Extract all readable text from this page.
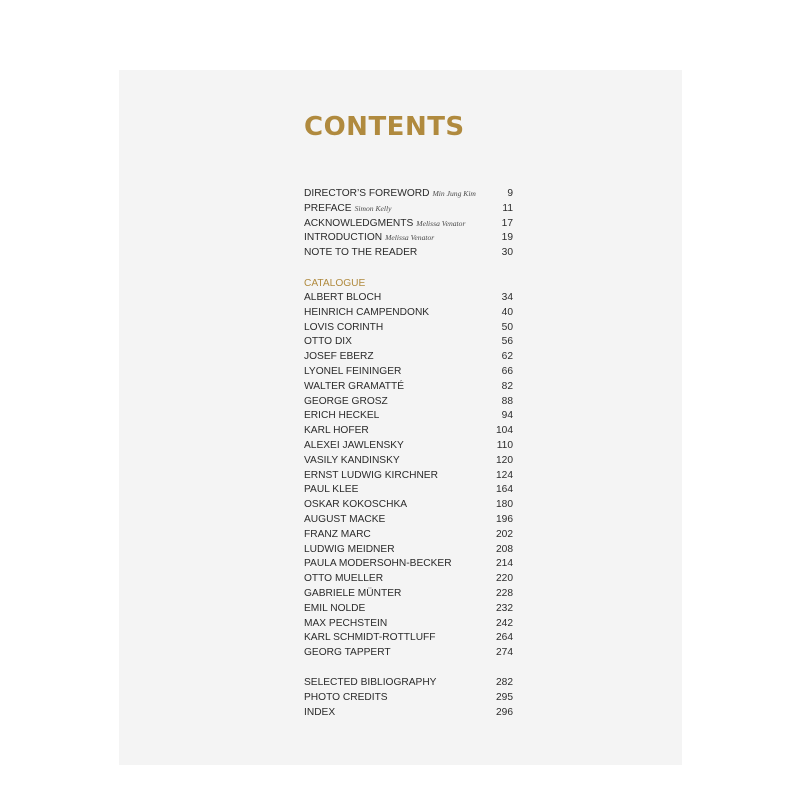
CONTENTS
DIRECTOR’S FOREWORD Min Jung Kim	9
PREFACE Simon Kelly	11
ACKNOWLEDGMENTS Melissa Venator	17
INTRODUCTION Melissa Venator	19
NOTE TO THE READER	30
CATALOGUE
ALBERT BLOCH	34
HEINRICH CAMPENDONK	40
LOVIS CORINTH	50
OTTO DIX	56
JOSEF EBERZ	62
LYONEL FEININGER	66
WALTER GRAMATTÉ	82
GEORGE GROSZ	88
ERICH HECKEL	94
KARL HOFER	104
ALEXEI JAWLENSKY	110
VASILY KANDINSKY	120
ERNST LUDWIG KIRCHNER	124
PAUL KLEE	164
OSKAR KOKOSCHKA	180
AUGUST MACKE	196
FRANZ MARC	202
LUDWIG MEIDNER	208
PAULA MODERSOHN-BECKER	214
OTTO MUELLER	220
GABRIELE MÜNTER	228
EMIL NOLDE	232
MAX PECHSTEIN	242
KARL SCHMIDT-ROTTLUFF	264
GEORG TAPPERT	274
SELECTED BIBLIOGRAPHY	282
PHOTO CREDITS	295
INDEX	296
